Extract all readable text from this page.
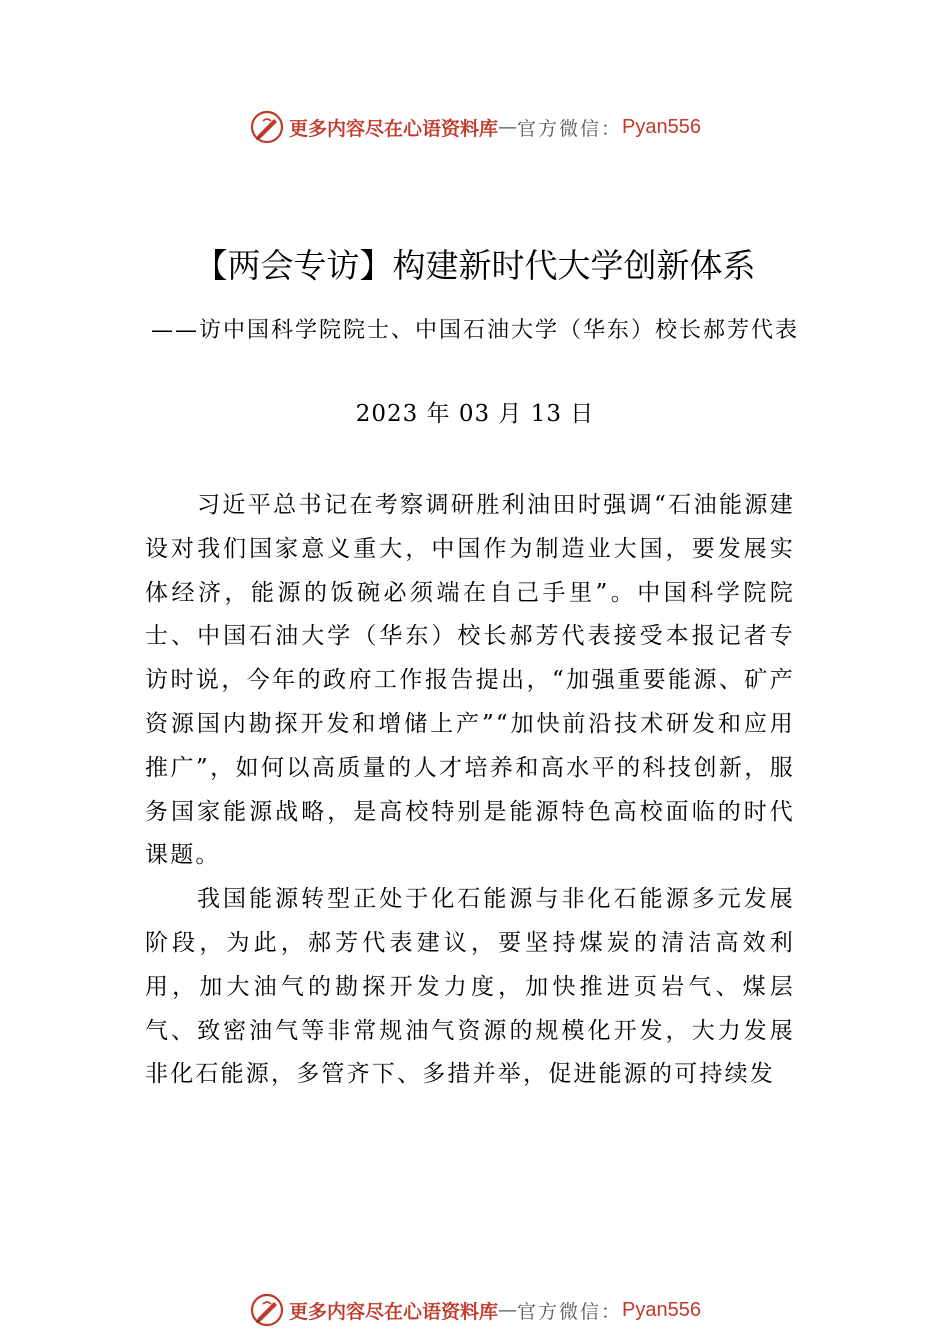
更多内容尽在心语资料库 — 官方微信： Pyan556
【两会专访】构建新时代大学创新体系
——访中国科学院院士、中国石油大学（华东）校长郝芳代表
2023 年 03 月 13 日

习近平总书记在考察调研胜利油田时强调“石油能源建设对我们国家意义重大，中国作为制造业大国，要发展实体经济，能源的饭碗必须端在自己手里”。中国科学院院士、中国石油大学（华东）校长郝芳代表接受本报记者专访时说，今年的政府工作报告提出，“加强重要能源、矿产资源国内勘探开发和增储上产”“加快前沿技术研发和应用推广”，如何以高质量的人才培养和高水平的科技创新，服务国家能源战略，是高校特别是能源特色高校面临的时代课题。

我国能源转型正处于化石能源与非化石能源多元发展阶段，为此，郝芳代表建议，要坚持煤炭的清洁高效利用，加大油气的勘探开发力度，加快推进页岩气、煤层气、致密油气等非常规油气资源的规模化开发，大力发展非化石能源，多管齐下、多措并举，促进能源的可持续发

更多内容尽在心语资料库 — 官方微信： Pyan556
